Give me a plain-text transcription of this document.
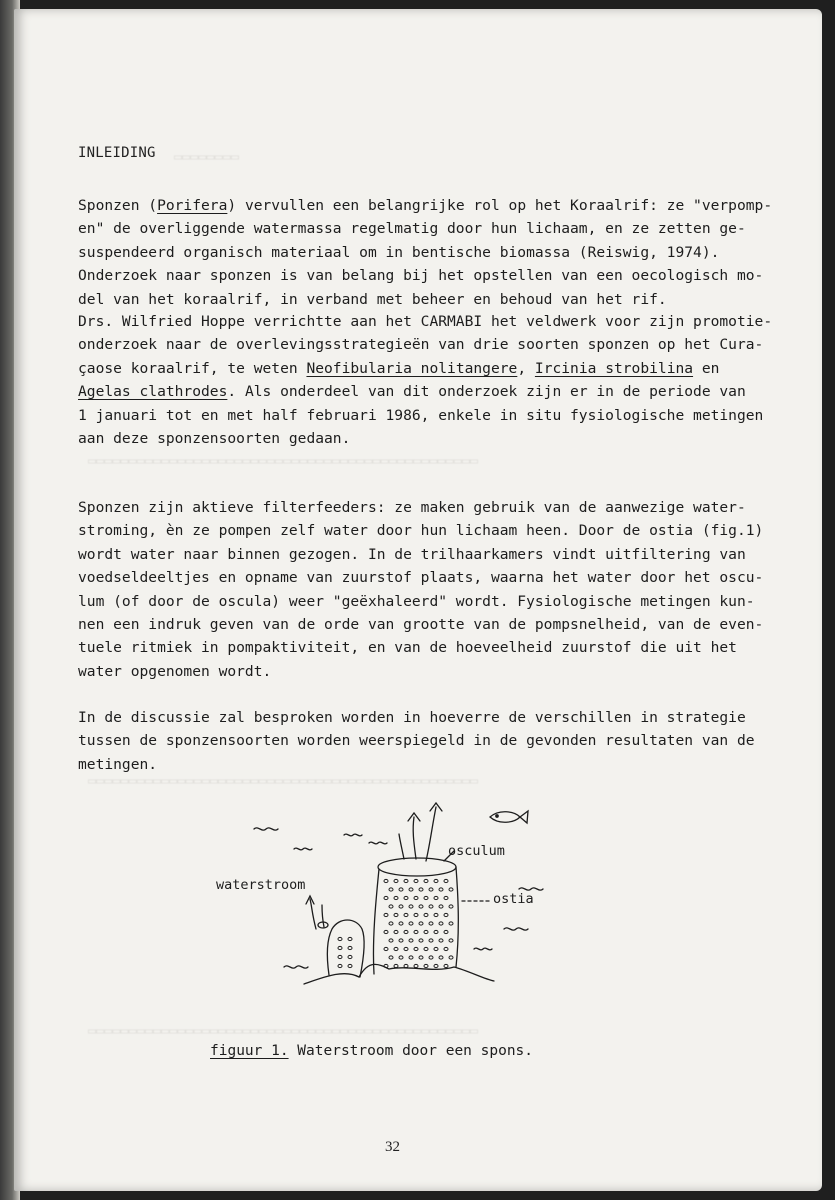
▭▭▭▭▭▭▭▭
▭▭▭▭▭▭▭▭▭▭▭▭▭▭▭▭▭▭▭▭▭▭▭▭▭▭▭▭▭▭▭▭▭▭▭▭▭▭▭▭▭▭▭▭▭▭▭▭
▭▭▭▭▭▭▭▭▭▭▭▭▭▭▭▭▭▭▭▭▭▭▭▭▭▭▭▭▭▭▭▭▭▭▭▭▭▭▭▭▭▭▭▭▭▭▭▭
▭▭▭▭▭▭▭▭▭▭▭▭▭▭▭▭▭▭▭▭▭▭▭▭▭▭▭▭▭▭▭▭▭▭▭▭▭▭▭▭▭▭▭▭▭▭▭▭
INLEIDING
Sponzen (Porifera) vervullen een belangrijke rol op het Koraalrif: ze "verpomp-
en" de overliggende watermassa regelmatig door hun lichaam, en ze zetten ge-
suspendeerd organisch materiaal om in bentische biomassa (Reiswig, 1974).
Onderzoek naar sponzen is van belang bij het opstellen van een oecologisch mo-
del van het koraalrif, in verband met beheer en behoud van het rif.
Drs. Wilfried Hoppe verrichtte aan het CARMABI het veldwerk voor zijn promotie-
onderzoek naar de overlevingsstrategieën van drie soorten sponzen op het Cura-
çaose koraalrif, te weten Neofibularia nolitangere, Ircinia strobilina en
Agelas clathrodes. Als onderdeel van dit onderzoek zijn er in de periode van
1 januari tot en met half februari 1986, enkele in situ fysiologische metingen
aan deze sponzensoorten gedaan.
Sponzen zijn aktieve filterfeeders: ze maken gebruik van de aanwezige water-
stroming, èn ze pompen zelf water door hun lichaam heen. Door de ostia (fig.1)
wordt water naar binnen gezogen. In de trilhaarkamers vindt uitfiltering van
voedseldeeltjes en opname van zuurstof plaats, waarna het water door het oscu-
lum (of door de oscula) weer "geëxhaleerd" wordt. Fysiologische metingen kun-
nen een indruk geven van de orde van grootte van de pompsnelheid, van de even-
tuele ritmiek in pompaktiviteit, en van de hoeveelheid zuurstof die uit het
water opgenomen wordt.
In de discussie zal besproken worden in hoeverre de verschillen in strategie
tussen de sponzensoorten worden weerspiegeld in de gevonden resultaten van de
metingen.
osculum
waterstroom
ostia
figuur 1. Waterstroom door een spons.
32
